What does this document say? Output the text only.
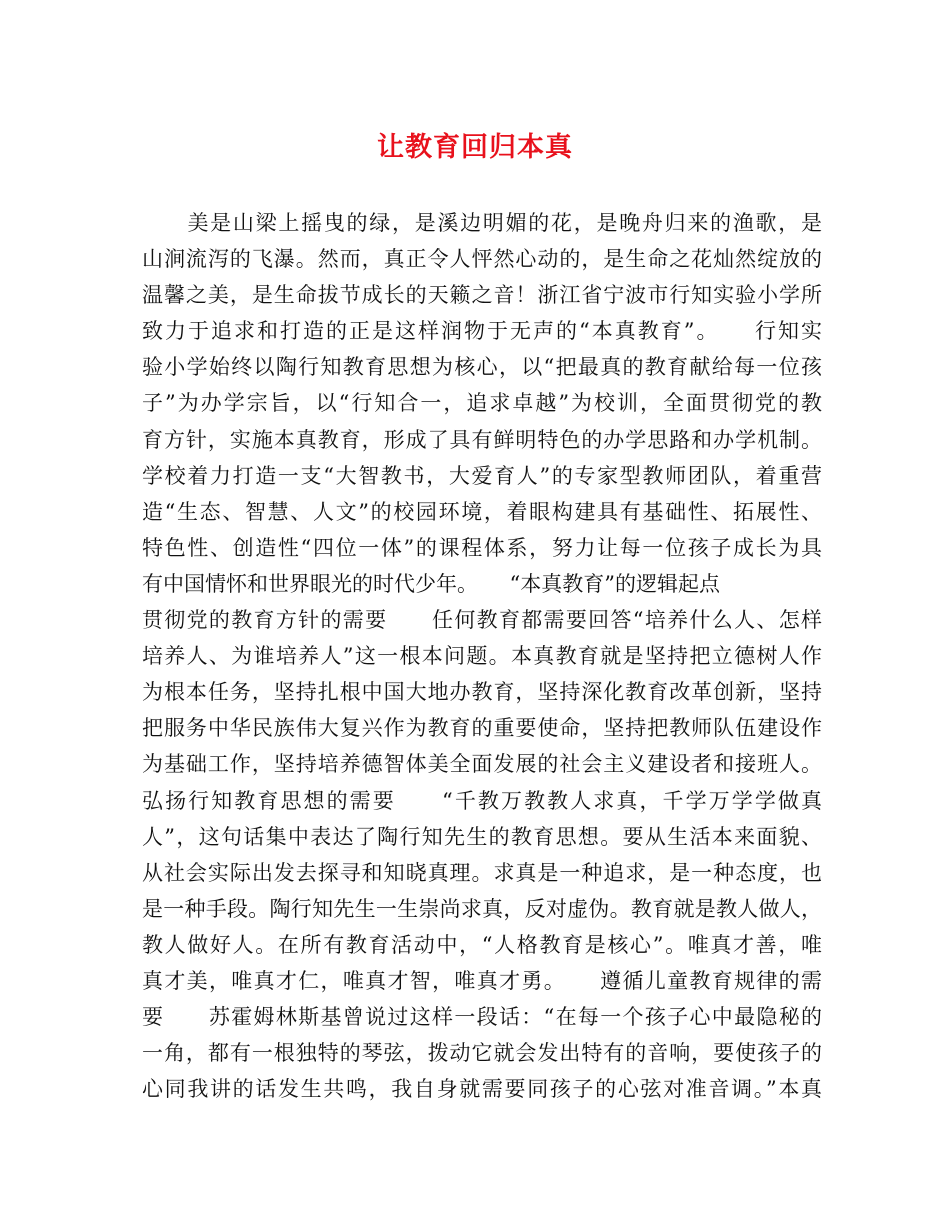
让教育回归本真
　　美是山梁上摇曳的绿，是溪边明媚的花，是晚舟归来的渔歌，是
山涧流泻的飞瀑。然而，真正令人怦然心动的，是生命之花灿然绽放的
温馨之美，是生命拔节成长的天籁之音！浙江省宁波市行知实验小学所
致力于追求和打造的正是这样润物于无声的“本真教育”。　　行知实
验小学始终以陶行知教育思想为核心，以“把最真的教育献给每一位孩
子”为办学宗旨，以“行知合一，追求卓越”为校训，全面贯彻党的教
育方针，实施本真教育，形成了具有鲜明特色的办学思路和办学机制。
学校着力打造一支“大智教书，大爱育人”的专家型教师团队，着重营
造“生态、智慧、人文”的校园环境，着眼构建具有基础性、拓展性、
特色性、创造性“四位一体”的课程体系，努力让每一位孩子成长为具
有中国情怀和世界眼光的时代少年。　　“本真教育”的逻辑起点
贯彻党的教育方针的需要　　任何教育都需要回答“培养什么人、怎样
培养人、为谁培养人”这一根本问题。本真教育就是坚持把立德树人作
为根本任务，坚持扎根中国大地办教育，坚持深化教育改革创新，坚持
把服务中华民族伟大复兴作为教育的重要使命，坚持把教师队伍建设作
为基础工作，坚持培养德智体美全面发展的社会主义建设者和接班人。
弘扬行知教育思想的需要　　“千教万教教人求真，千学万学学做真
人”，这句话集中表达了陶行知先生的教育思想。要从生活本来面貌、
从社会实际出发去探寻和知晓真理。求真是一种追求，是一种态度，也
是一种手段。陶行知先生一生崇尚求真，反对虚伪。教育就是教人做人，
教人做好人。在所有教育活动中，“人格教育是核心”。唯真才善，唯
真才美，唯真才仁，唯真才智，唯真才勇。　　遵循儿童教育规律的需
要　　苏霍姆林斯基曾说过这样一段话：“在每一个孩子心中最隐秘的
一角，都有一根独特的琴弦，拨动它就会发出特有的音响，要使孩子的
心同我讲的话发生共鸣，我自身就需要同孩子的心弦对准音调。”本真
